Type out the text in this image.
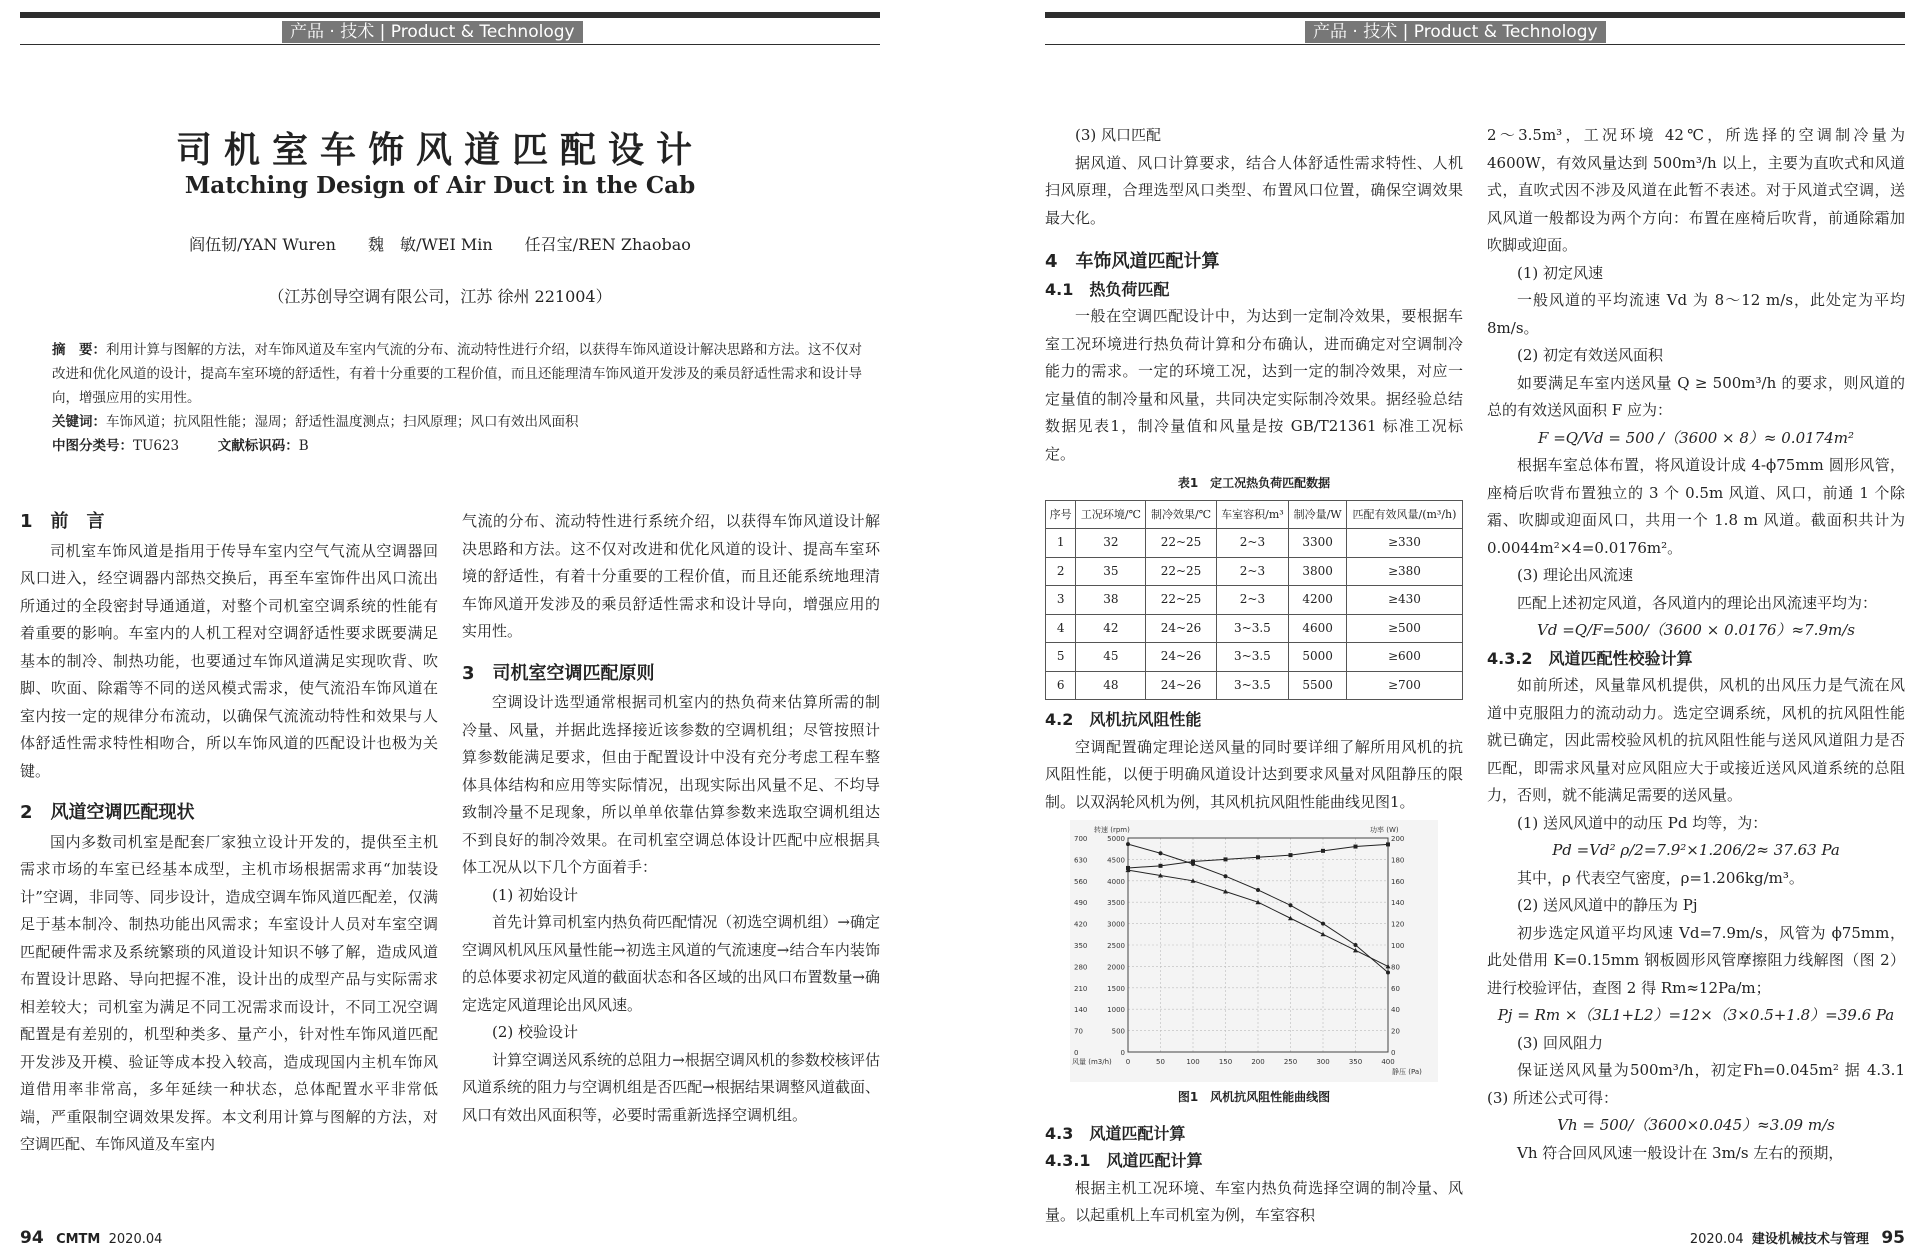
产品 · 技术 | Product & Technology	产品 · 技术 | Product & Technology
司机室车饰风道匹配设计
Matching Design of Air Duct in the Cab
阎伍韧/YAN Wuren　　魏　敏/WEI Min　　任召宝/REN Zhaobao
（江苏创导空调有限公司，江苏 徐州 221004）
摘　要：利用计算与图解的方法，对车饰风道及车室内气流的分布、流动特性进行介绍，以获得车饰风道设计解决思路和方法。这不仅对改进和优化风道的设计，提高车室环境的舒适性，有着十分重要的工程价值，而且还能理清车饰风道开发涉及的乘员舒适性需求和设计导向，增强应用的实用性。
关键词：车饰风道；抗风阻性能；湿周；舒适性温度测点；扫风原理；风口有效出风面积
中图分类号：TU623	文献标识码：B
1　前　言

司机室车饰风道是指用于传导车室内空气气流从空调器回风口进入，经空调器内部热交换后，再至车室饰件出风口流出所通过的全段密封导通通道，对整个司机室空调系统的性能有着重要的影响。车室内的人机工程对空调舒适性要求既要满足基本的制冷、制热功能，也要通过车饰风道满足实现吹背、吹脚、吹面、除霜等不同的送风模式需求，使气流沿车饰风道在室内按一定的规律分布流动，以确保气流流动特性和效果与人体舒适性需求特性相吻合，所以车饰风道的匹配设计也极为关键。

2　风道空调匹配现状

国内多数司机室是配套厂家独立设计开发的，提供至主机需求市场的车室已经基本成型，主机市场根据需求再“加装设计”空调，非同等、同步设计，造成空调车饰风道匹配差，仅满足于基本制冷、制热功能出风需求；车室设计人员对车室空调匹配硬件需求及系统繁琐的风道设计知识不够了解，造成风道布置设计思路、导向把握不准，设计出的成型产品与实际需求相差较大；司机室为满足不同工况需求而设计，不同工况空调配置是有差别的，机型种类多、量产小，针对性车饰风道匹配开发涉及开模、验证等成本投入较高，造成现国内主机车饰风道借用率非常高，多年延续一种状态，总体配置水平非常低端，严重限制空调效果发挥。本文利用计算与图解的方法，对空调匹配、车饰风道及车室内

气流的分布、流动特性进行系统介绍，以获得车饰风道设计解决思路和方法。这不仅对改进和优化风道的设计、提高车室环境的舒适性，有着十分重要的工程价值，而且还能系统地理清车饰风道开发涉及的乘员舒适性需求和设计导向，增强应用的实用性。

3　司机室空调匹配原则

空调设计选型通常根据司机室内的热负荷来估算所需的制冷量、风量，并据此选择接近该参数的空调机组；尽管按照计算参数能满足要求，但由于配置设计中没有充分考虑工程车整体具体结构和应用等实际情况，出现实际出风量不足、不均导致制冷量不足现象，所以单单依靠估算参数来选取空调机组达不到良好的制冷效果。在司机室空调总体设计匹配中应根据具体工况从以下几个方面着手：

(1) 初始设计

首先计算司机室内热负荷匹配情况（初选空调机组）→确定空调风机风压风量性能→初选主风道的气流速度→结合车内装饰的总体要求初定风道的截面状态和各区域的出风口布置数量→确定选定风道理论出风风速。

(2) 校验设计

计算空调送风系统的总阻力→根据空调风机的参数校核评估风道系统的阻力与空调机组是否匹配→根据结果调整风道截面、风口有效出风面积等，必要时需重新选择空调机组。

94 CMTM 2020.04

(3) 风口匹配

据风道、风口计算要求，结合人体舒适性需求特性、人机扫风原理，合理选型风口类型、布置风口位置，确保空调效果最大化。

4　车饰风道匹配计算
4.1　热负荷匹配

一般在空调匹配设计中，为达到一定制冷效果，要根据车室工况环境进行热负荷计算和分布确认，进而确定对空调制冷能力的需求。一定的环境工况，达到一定的制冷效果，对应一定量值的制冷量和风量，共同决定实际制冷效果。据经验总结数据见表1，制冷量值和风量是按 GB/T21361 标准工况标定。

表1　定工况热负荷匹配数据
序号	工况环境/℃	制冷效果/℃	车室容积/m³	制冷量/W	匹配有效风量/(m³/h)
1	32	22~25	2~3	3300	≥330
2	35	22~25	2~3	3800	≥380
3	38	22~25	2~3	4200	≥430
4	42	24~26	3~3.5	4600	≥500
5	45	24~26	3~3.5	5000	≥600
6	48	24~26	3~3.5	5500	≥700
4.2　风机抗风阻性能

空调配置确定理论送风量的同时要详细了解所用风机的抗风阻性能，以便于明确风道设计达到要求风量对风阻静压的限制。以双涡轮风机为例，其风机抗风阻性能曲线见图1。

0
70
140
210
280
350
420
490
560
630
700
0
500
1000
1500
2000
2500
3000
3500
4000
4500
5000
0
20
40
60
80
100
120
140
160
180
200
0	50	100	150	200	250	300	350	400
转速 (rpm)	功率 (W)
风量 (m3/h)
静压 (Pa)
图1　风机抗风阻性能曲线图
4.3　风道匹配计算
4.3.1　风道匹配计算

根据主机工况环境、车室内热负荷选择空调的制冷量、风量。以起重机上车司机室为例，车室容积

2～3.5m³，工况环境 42℃，所选择的空调制冷量为 4600W，有效风量达到 500m³/h 以上，主要为直吹式和风道式，直吹式因不涉及风道在此暂不表述。对于风道式空调，送风风道一般都设为两个方向：布置在座椅后吹背，前通除霜加吹脚或迎面。

(1) 初定风速

一般风道的平均流速 Vd 为 8～12 m/s，此处定为平均 8m/s。

(2) 初定有效送风面积

如要满足车室内送风量 Q ≥ 500m³/h 的要求，则风道的总的有效送风面积 F 应为：

F =Q/Vd = 500 /（3600 × 8）≈ 0.0174m²

根据车室总体布置，将风道设计成 4-ϕ75mm 圆形风管，座椅后吹背布置独立的 3 个 0.5m 风道、风口，前通 1 个除霜、吹脚或迎面风口，共用一个 1.8 m 风道。截面积共计为 0.0044m²×4=0.0176m²。

(3) 理论出风流速

匹配上述初定风道，各风道内的理论出风流速平均为：

Vd =Q/F=500/（3600 × 0.0176）≈7.9m/s

4.3.2　风道匹配性校验计算

如前所述，风量靠风机提供，风机的出风压力是气流在风道中克服阻力的流动动力。选定空调系统，风机的抗风阻性能就已确定，因此需校验风机的抗风阻性能与送风风道阻力是否匹配，即需求风量对应风阻应大于或接近送风风道系统的总阻力，否则，就不能满足需要的送风量。

(1) 送风风道中的动压 Pd 均等，为：

Pd =Vd² ρ/2=7.9²×1.206/2≈ 37.63 Pa

其中，ρ 代表空气密度，ρ=1.206kg/m³。

(2) 送风风道中的静压为 Pj

初步选定风道平均风速 Vd=7.9m/s，风管为 ϕ75mm，此处借用 K=0.15mm 钢板圆形风管摩擦阻力线解图（图 2）进行校验评估，查图 2 得 Rm≈12Pa/m；

Pj = Rm ×（3L1+L2）=12×（3×0.5+1.8）=39.6 Pa

(3) 回风阻力

保证送风风量为500m³/h，初定Fh=0.045m² 据 4.3.1 (3) 所述公式可得：

Vh = 500/（3600×0.045）≈3.09 m/s

Vh 符合回风风速一般设计在 3m/s 左右的预期，

2020.04 建设机械技术与管理 95
